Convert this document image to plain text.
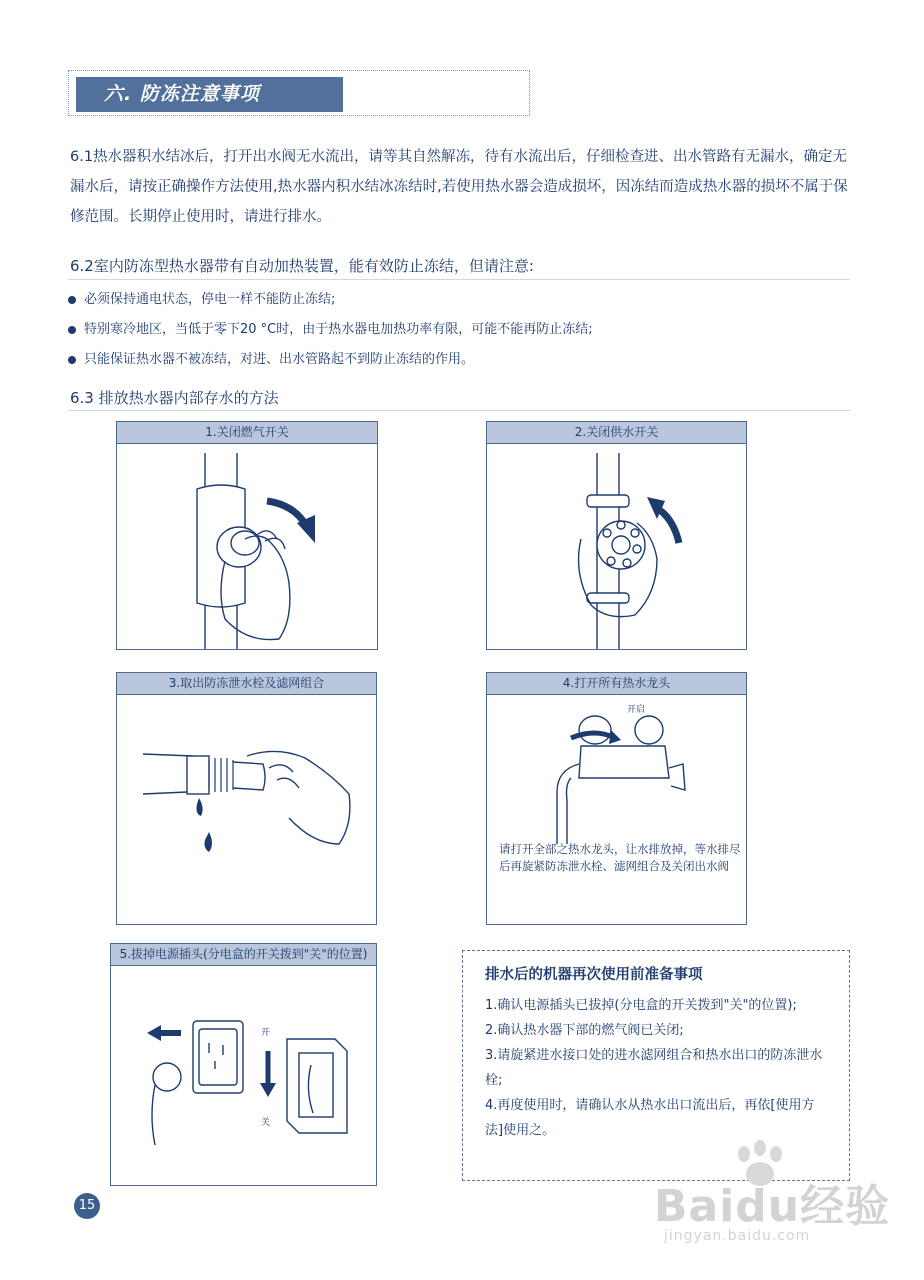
六. 防冻注意事项

6.1热水器积水结冰后，打开出水阀无水流出，请等其自然解冻，待有水流出后，仔细检查进、出水管路有无漏水，确定无漏水后，请按正确操作方法使用,热水器内积水结冰冻结时,若使用热水器会造成损坏，因冻结而造成热水器的损坏不属于保修范围。长期停止使用时，请进行排水。

6.2室内防冻型热水器带有自动加热装置，能有效防止冻结，但请注意:
必须保持通电状态，停电一样不能防止冻结;
特别寒冷地区，当低于零下20 °C时，由于热水器电加热功率有限，可能不能再防止冻结;
只能保证热水器不被冻结，对进、出水管路起不到防止冻结的作用。
6.3 排放热水器内部存水的方法
1.关闭燃气开关	2.关闭供水开关
3.取出防冻泄水栓及滤网组合	4.打开所有热水龙头
开启
请打开全部之热水龙头，让水排放掉，等水排尽后再旋紧防冻泄水栓、滤网组合及关闭出水阀
5.拔掉电源插头(分电盒的开关拨到"关"的位置)
开
关
排水后的机器再次使用前准备事项
1.确认电源插头已拔掉(分电盒的开关拨到"关"的位置);
2.确认热水器下部的燃气阀已关闭;
3.请旋紧进水接口处的进水滤网组合和热水出口的防冻泄水栓;
4.再度使用时，请确认水从热水出口流出后，再依[使用方法]使用之。
15	Baidu经验
jingyan.baidu.com
